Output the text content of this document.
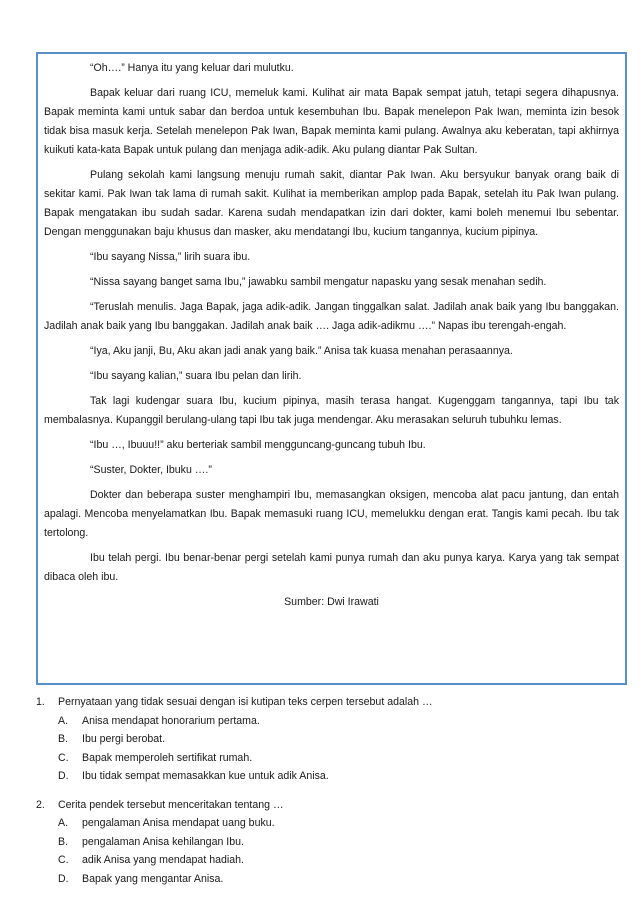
“Oh….” Hanya itu yang keluar dari mulutku.

Bapak keluar dari ruang ICU, memeluk kami. Kulihat air mata Bapak sempat jatuh, tetapi segera dihapusnya. Bapak meminta kami untuk sabar dan berdoa untuk kesembuhan Ibu. Bapak menelepon Pak Iwan, meminta izin besok tidak bisa masuk kerja. Setelah menelepon Pak Iwan, Bapak meminta kami pulang. Awalnya aku keberatan, tapi akhirnya kuikuti kata-kata Bapak untuk pulang dan menjaga adik-adik. Aku pulang diantar Pak Sultan.

Pulang sekolah kami langsung menuju rumah sakit, diantar Pak Iwan. Aku bersyukur banyak orang baik di sekitar kami. Pak Iwan tak lama di rumah sakit. Kulihat ia memberikan amplop pada Bapak, setelah itu Pak Iwan pulang. Bapak mengatakan ibu sudah sadar. Karena sudah mendapatkan izin dari dokter, kami boleh menemui Ibu sebentar. Dengan menggunakan baju khusus dan masker, aku mendatangi Ibu, kucium tangannya, kucium pipinya.

“Ibu sayang Nissa,” lirih suara ibu.

“Nissa sayang banget sama Ibu,” jawabku sambil mengatur napasku yang sesak menahan sedih.

“Teruslah menulis. Jaga Bapak, jaga adik-adik. Jangan tinggalkan salat. Jadilah anak baik yang Ibu banggakan. Jadilah anak baik yang Ibu banggakan. Jadilah anak baik …. Jaga adik-adikmu ….” Napas ibu terengah-engah.

“Iya, Aku janji, Bu, Aku akan jadi anak yang baik.” Anisa tak kuasa menahan perasaannya.

“Ibu sayang kalian,” suara Ibu pelan dan lirih.

Tak lagi kudengar suara Ibu, kucium pipinya, masih terasa hangat. Kugenggam tangannya, tapi Ibu tak membalasnya. Kupanggil berulang-ulang tapi Ibu tak juga mendengar. Aku merasakan seluruh tubuhku lemas.

“Ibu …, Ibuuu!!” aku berteriak sambil mengguncang-guncang tubuh Ibu.

“Suster, Dokter, Ibuku ….”

Dokter dan beberapa suster menghampiri Ibu, memasangkan oksigen, mencoba alat pacu jantung, dan entah apalagi. Mencoba menyelamatkan Ibu. Bapak memasuki ruang ICU, memelukku dengan erat. Tangis kami pecah. Ibu tak tertolong.

Ibu telah pergi. Ibu benar-benar pergi setelah kami punya rumah dan aku punya karya. Karya yang tak sempat dibaca oleh ibu.

Sumber: Dwi Irawati

1.	Pernyataan yang tidak sesuai dengan isi kutipan teks cerpen tersebut adalah …
A.	Anisa mendapat honorarium pertama.
B.	Ibu pergi berobat.
C.	Bapak memperoleh sertifikat rumah.
D.	Ibu tidak sempat memasakkan kue untuk adik Anisa.
2.	Cerita pendek tersebut menceritakan tentang …
A.	pengalaman Anisa mendapat uang buku.
B.	pengalaman Anisa kehilangan Ibu.
C.	adik Anisa yang mendapat hadiah.
D.	Bapak yang mengantar Anisa.
